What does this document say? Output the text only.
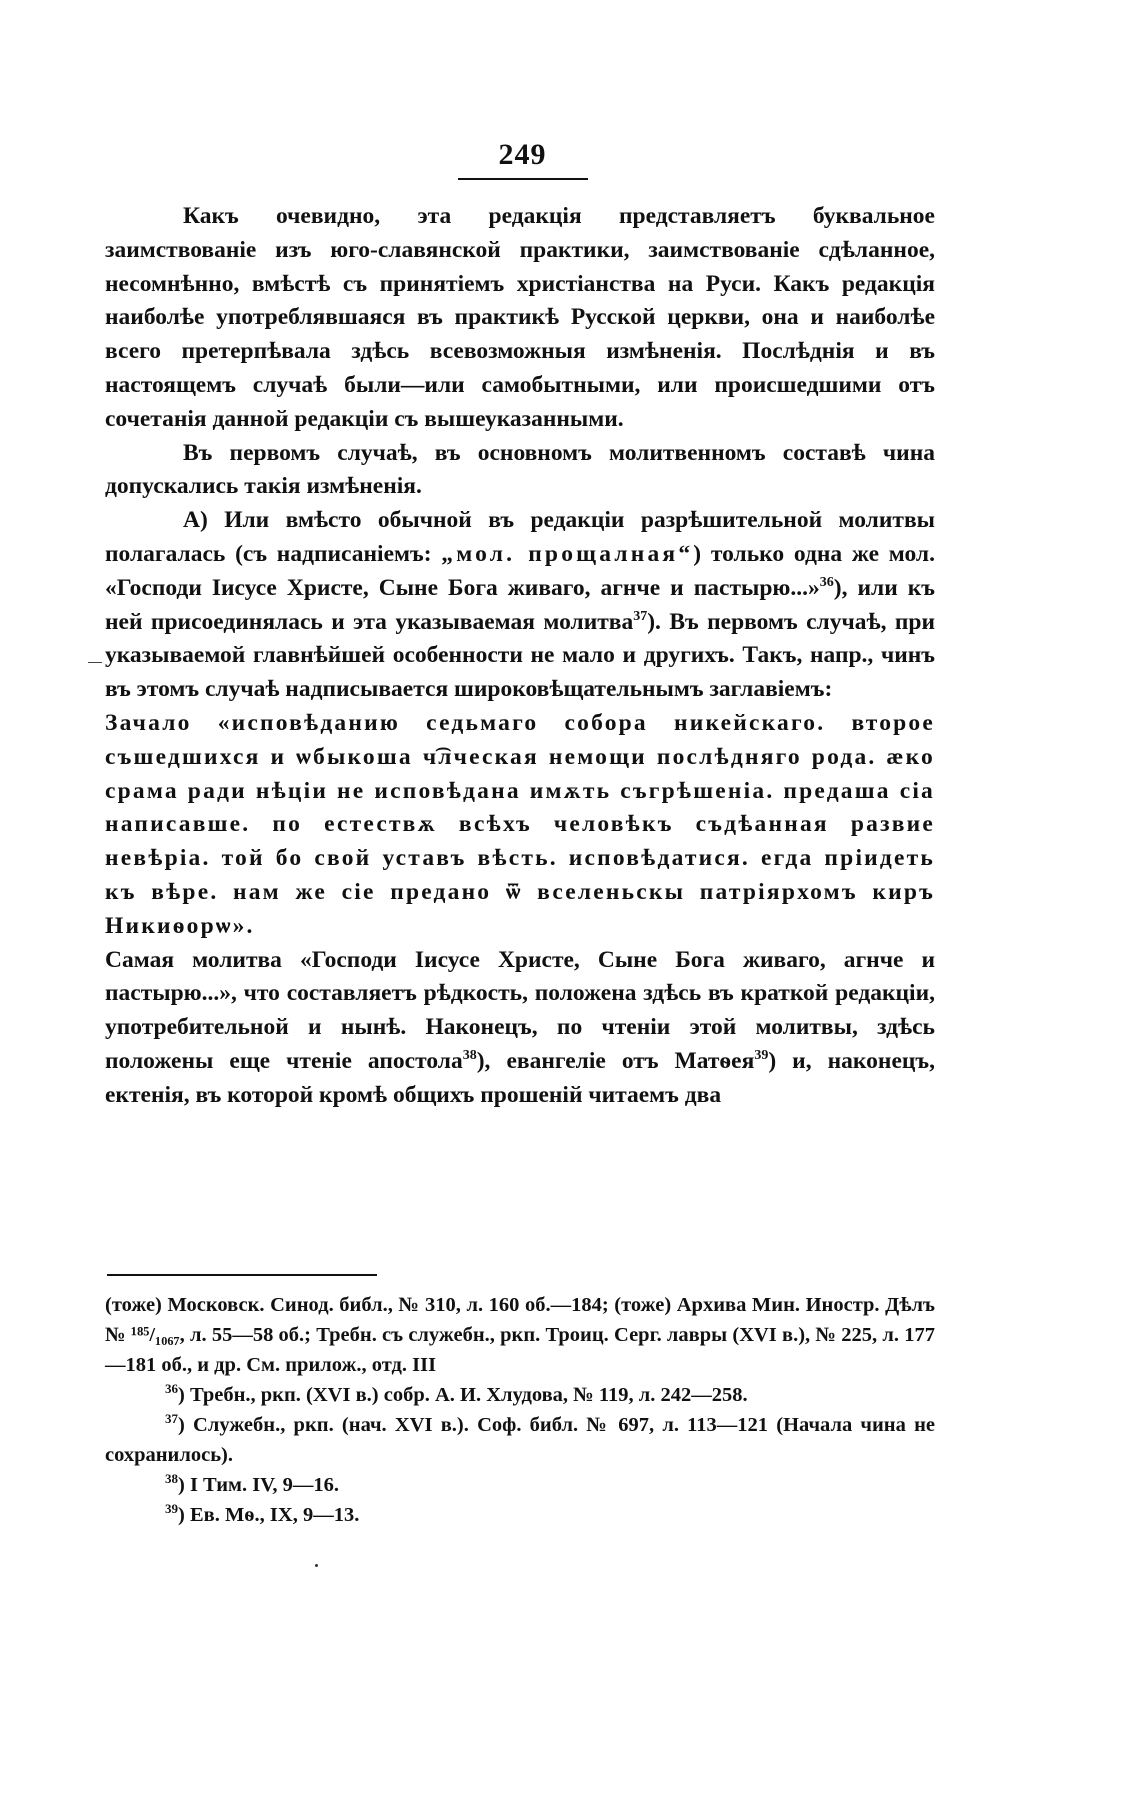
249

Какъ очевидно, эта редакція представляетъ буквальное заимствованіе изъ юго-славянской практики, заимствованіе сдѣланное, несомнѣнно, вмѣстѣ съ принятіемъ христіанства на Руси. Какъ редакція наиболѣе употреблявшаяся въ практикѣ Русской церкви, она и наиболѣе всего претерпѣвала здѣсь всевозможныя измѣненія. Послѣднія и въ настоящемъ случаѣ были—или самобытными, или происшедшими отъ сочетанія данной редакціи съ вышеуказанными.

Въ первомъ случаѣ, въ основномъ молитвенномъ составѣ чина допускались такія измѣненія.

А) Или вмѣсто обычной въ редакціи разрѣшительной молитвы полагалась (съ надписаніемъ: „мол. прощалная“) только одна же мол. «Господи Іисусе Христе, Сыне Бога живаго, агнче и пастырю...»$^{36}$), или къ ней присоединялась и эта указываемая молитва$^{37}$). Въ первомъ случаѣ, при указываемой главнѣйшей особенности не мало и другихъ. Такъ, напр., чинъ въ этомъ случаѣ надписывается широковѣщательнымъ заглавіемъ:

Зачало «исповѣданию седьмаго собора никейскаго. второе съшедшихся и ѡбыкоша ч͡лческая немощи послѣдняго рода. ӕко срама ради нѣціи не исповѣдана имѫть съгрѣшеніа. предаша сіа написавше. по естествѫ всѣхъ человѣкъ съдѣанная развие невѣріа. той бо свой уставъ вѣсть. исповѣдатися. егда пріидеть къ вѣре. нам же сіе предано ѿ вселеньскы патріярхомъ киръ Никиѳорѡ».

Самая молитва «Господи Іисусе Христе, Сыне Бога живаго, агнче и пастырю...», что составляетъ рѣдкость, положена здѣсь въ краткой редакціи, употребительной и нынѣ. Наконецъ, по чтеніи этой молитвы, здѣсь положены еще чтеніе апостола$^{38}$), евангеліе отъ Матѳея$^{39}$) и, наконецъ, ектенія, въ которой кромѣ общихъ прошеній читаемъ два

(тоже) Московск. Синод. библ., № 310, л. 160 об.—184; (тоже) Архива Мин. Иностр. Дѣлъ № ¹⁸⁵/₁₀₆₇, л. 55—58 об.; Требн. съ служебн., ркп. Троиц. Серг. лавры (XVI в.), № 225, л. 177—181 об., и др. См. прилож., отд. III

$^{36}$) Требн., ркп. (XVI в.) собр. А. И. Хлудова, № 119, л. 242—258.

$^{37}$) Служебн., ркп. (нач. XVI в.). Соф. библ. № 697, л. 113—121 (Начала чина не сохранилось).

$^{38}$) I Тим. IV, 9—16.

$^{39}$) Ев. Мѳ., IX, 9—13.
